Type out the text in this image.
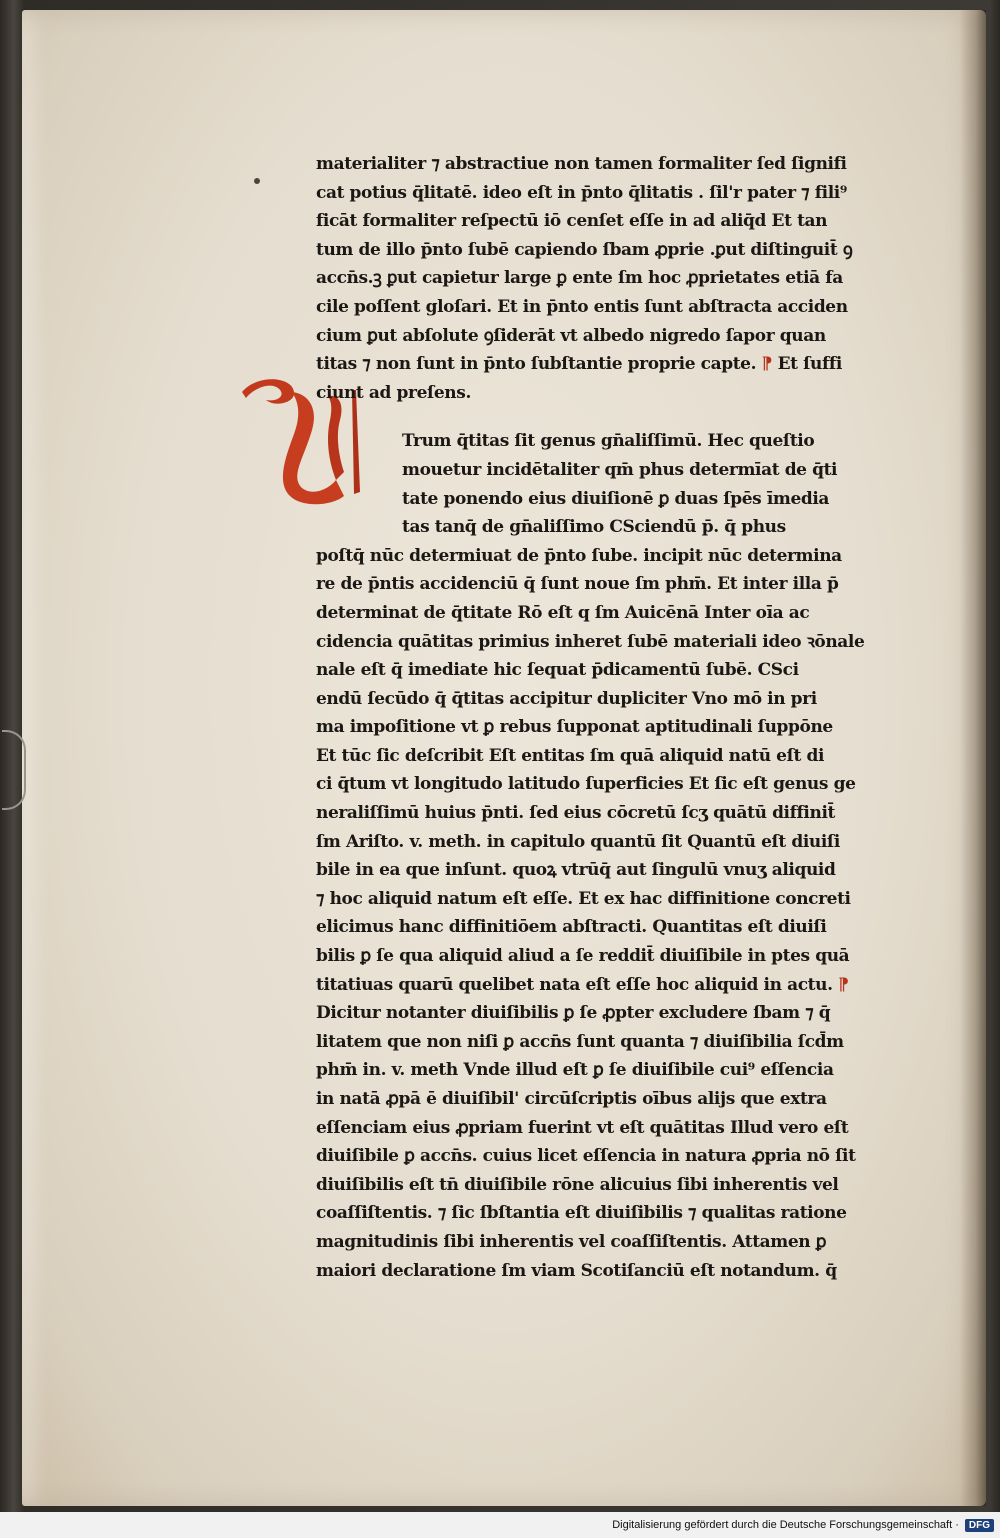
materialiter ⁊ abstractiue non tamen formaliter ſed ſignifi
cat potius q̄litatē. ideo eſt in p̄nto q̄litatis . ſil'r pater ⁊ fili⁹
ficāt formaliter reſpectū iō cenſet eſſe in ad aliq̄d Et tan
tum de illo p̄nto ſubē capiendo ſbam ꝓprie .ꝑut diſtinguit̄ ꝯ
accn̄s.ꝫ ꝑut capietur large ꝑ ente ſm hoc ꝓprietates etiā fa
cile poſſent gloſari. Et in p̄nto entis ſunt abſtracta acciden
cium ꝑut abſolute ꝯſiderāt vt albedo nigredo ſapor quan
titas ⁊ non ſunt in p̄nto ſubſtantie proprie capte. ⁋ Et ſuffi
ciunt ad preſens.
Trum q̄titas ſit genus gn̄aliſſimū. Hec queſtio
mouetur incidētaliter qm̄ phus determīat de q̄ti
tate ponendo eius diuiſionē ꝑ duas ſpēs īmedia
tas tanq̄ de gn̄aliſſimo CSciendū p̄. q̄ phus
poſtq̄ nūc determiuat de p̄nto ſube. incipit nūc determina
re de p̄ntis accidenciū q̄ ſunt noue ſm phm̄. Et inter illa p̄
determinat de q̄titate Rō eſt q ſm Auicēnā Inter oīa ac
cidencia quātitas primius inheret ſubē materiali ideo ꝛōnale
nale eſt q̄ imediate hic ſequat p̄dicamentū ſubē. CSci
endū ſecūdo q̄ q̄titas accipitur dupliciter Vno mō in pri
ma impoſitione vt ꝑ rebus ſupponat aptitudinali ſuppōne
Et tūc ſic deſcribit Eſt entitas ſm quā aliquid natū eſt di
ci q̄tum vt longitudo latitudo ſuperficies Et ſic eſt genus ge
neraliſſimū huius p̄nti. ſed eius cōcretū ſcʒ quātū diffinit̄
ſm Ariſto. v. meth. in capitulo quantū ſit Quantū eſt diuiſi
bile in ea que inſunt. quoꝝ vtrūq̄ aut ſingulū vnuʒ aliquid
⁊ hoc aliquid natum eſt eſſe. Et ex hac diffinitione concreti
elicimus hanc diffinitiōem abſtracti. Quantitas eſt diuiſi
bilis ꝑ ſe qua aliquid aliud a ſe reddit̄ diuiſibile in ptes quā
titatiuas quarū quelibet nata eſt eſſe hoc aliquid in actu. ⁋
Dicitur notanter diuiſibilis ꝑ ſe ꝓpter excludere ſbam ⁊ q̄
litatem que non niſi ꝑ accn̄s ſunt quanta ⁊ diuiſibilia ſcd̄m
phm̄ in. v. meth Vnde illud eſt ꝑ ſe diuiſibile cui⁹ eſſencia
in natā ꝓpā ē diuiſibil' circūſcriptis oībus alijs que extra
eſſenciam eius ꝓpriam fuerint vt eſt quātitas Illud vero eſt
diuiſibile ꝑ accn̄s. cuius licet eſſencia in natura ꝓpria nō ſit
diuiſibilis eſt tn̄ diuiſibile rōne alicuius ſibi inherentis vel
coaſſiſtentis. ⁊ ſic ſbſtantia eſt diuiſibilis ⁊ qualitas ratione
magnitudinis ſibi inherentis vel coaſſiſtentis. Attamen ꝑ
maiori declaratione ſm viam Scotiſanciū eſt notandum. q̄
Digitalisierung gefördert durch die Deutsche Forschungsgemeinschaft ·	DFG
